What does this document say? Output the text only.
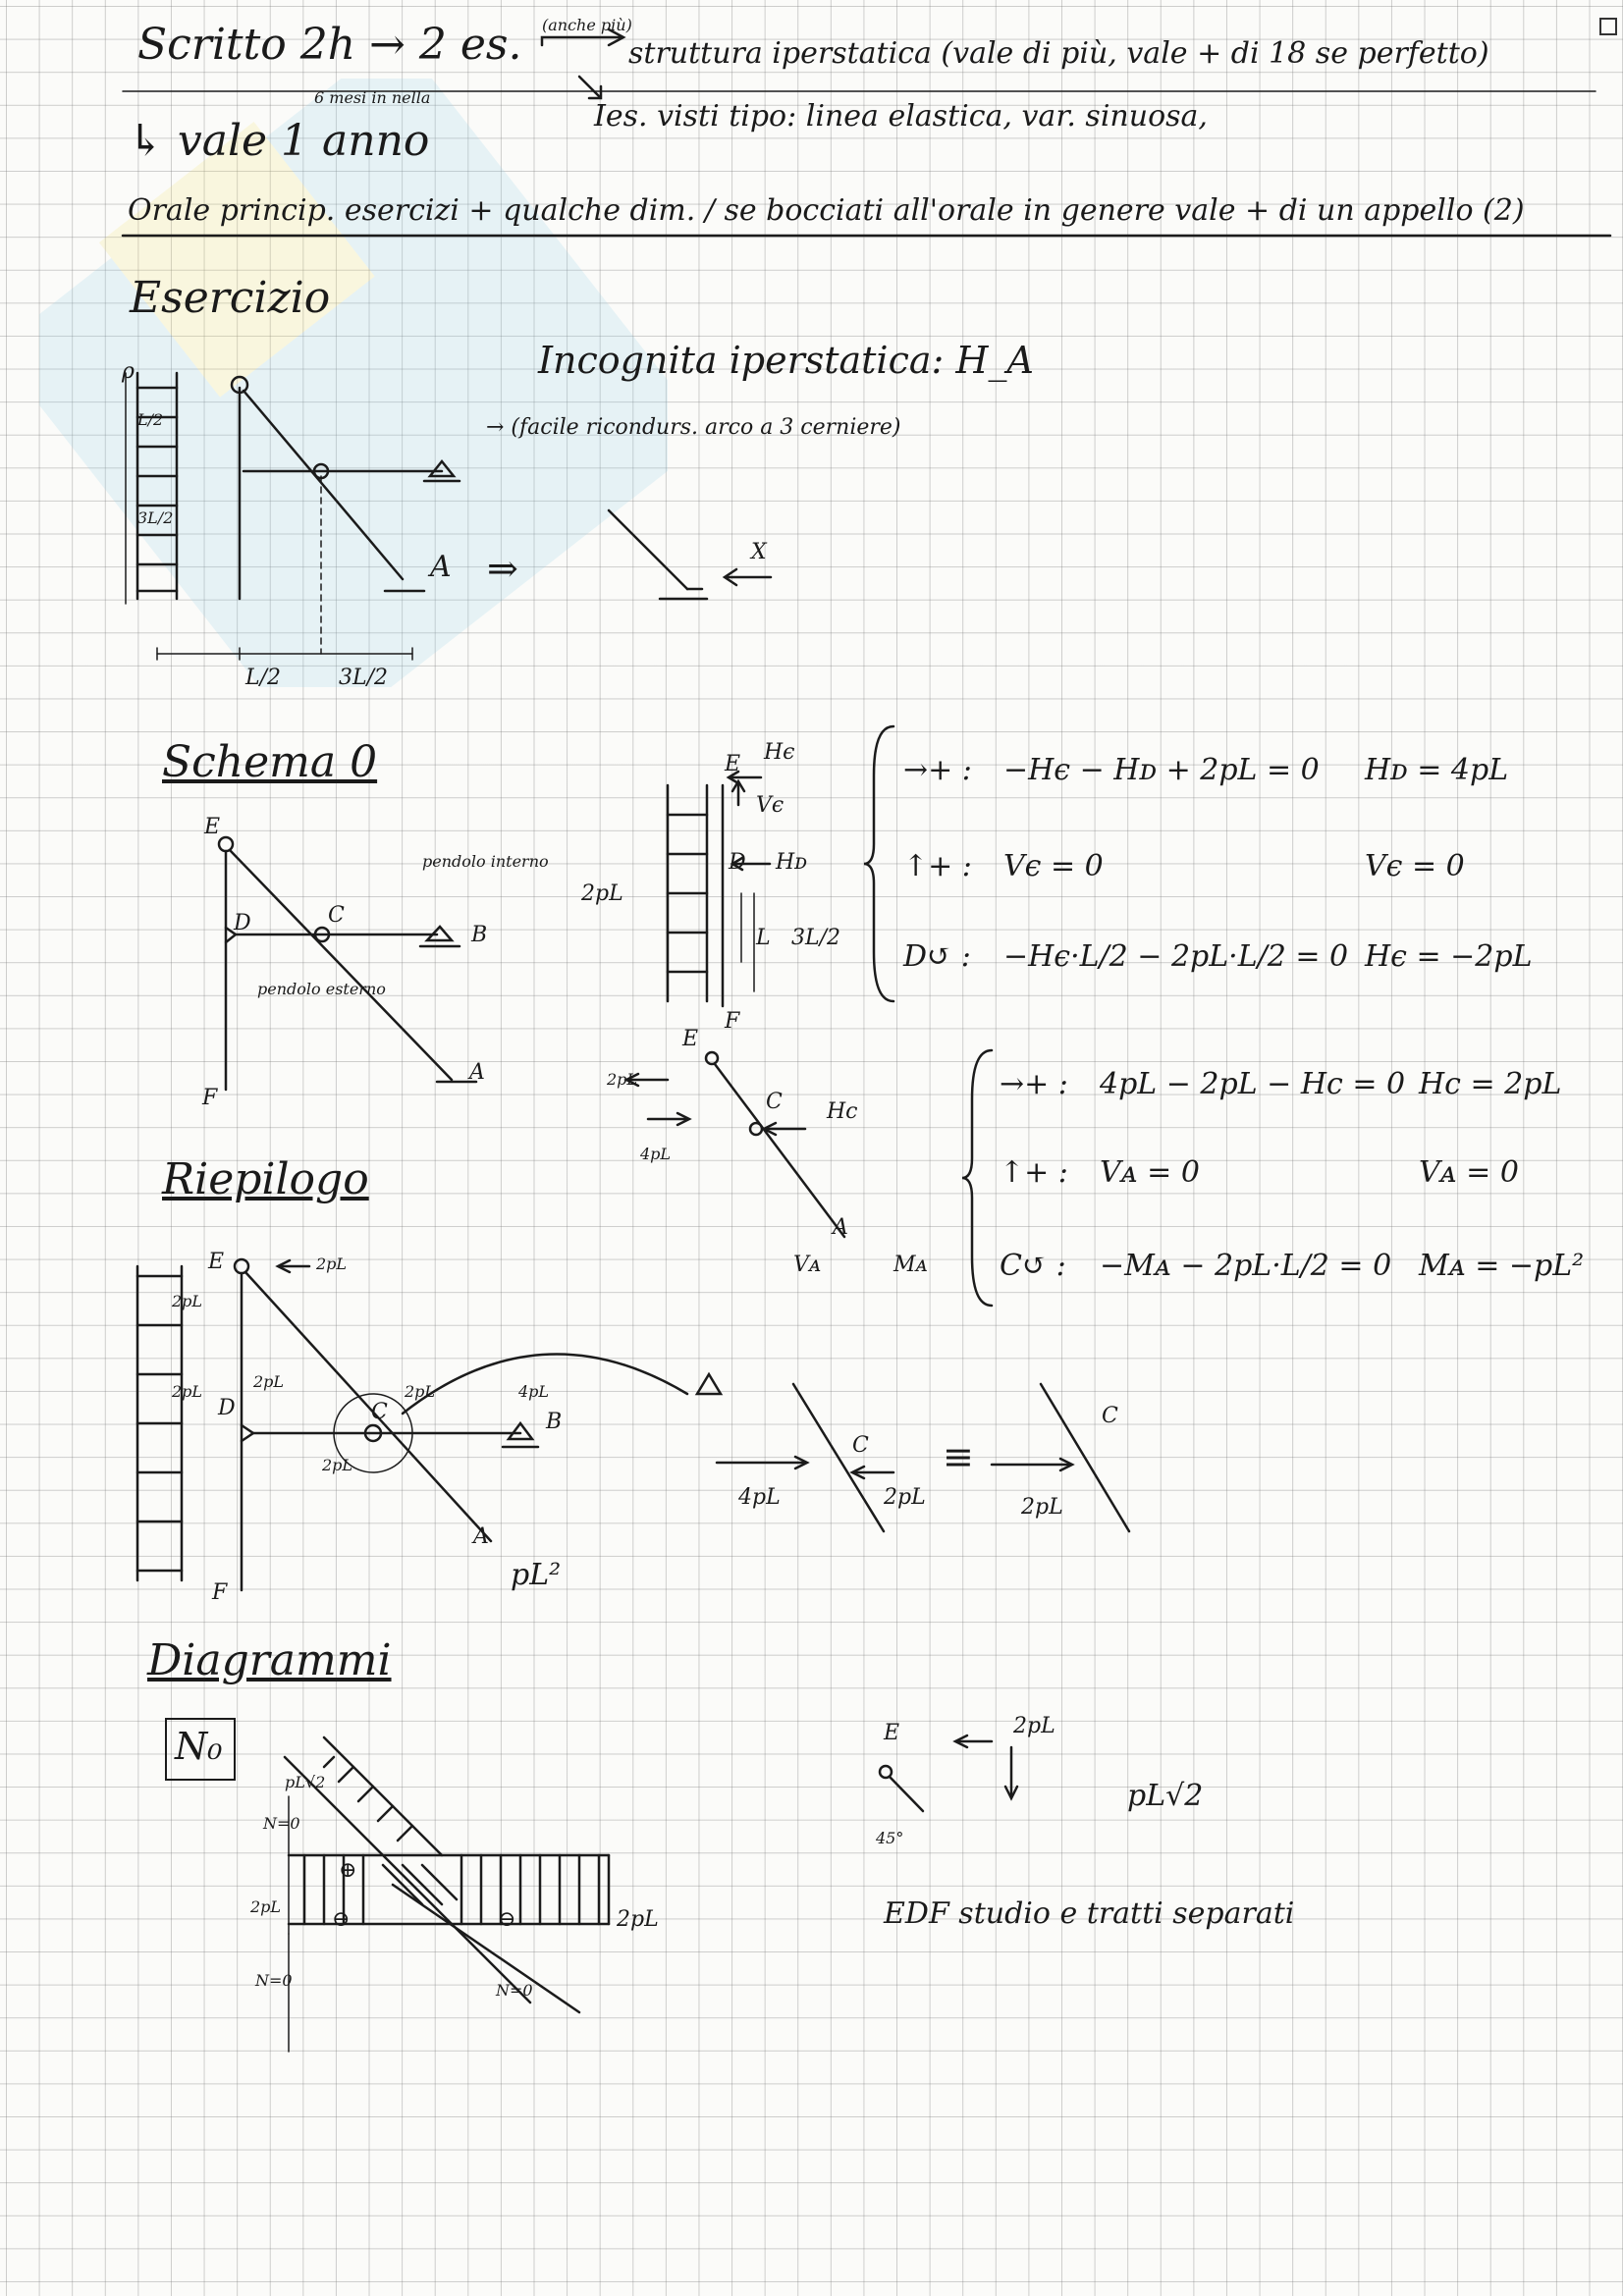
Scritto 2h → 2 es. (anche più)
struttura iperstatica (vale di più, vale + di 18 se perfetto)
↳ vale 1 anno
6 mesi in nella
Ies. visti tipo: linea elastica, var. sinuosa,
Orale princip. esercizi + qualche dim. / se bocciati all'orale in genere vale + di un appello (2)
Esercizio
Incognita iperstatica: H_A
→ (facile ricondurs. arco a 3 cerniere)
ρ
L/2
3L/2
L/2	3L/2
A ⇒	X
Schema 0
E
D	C
B
F
A
pendolo interno
pendolo esterno
2pL
E Hє
Vє
D Hᴅ
L 3L/2
F
→+ : −Hє − Hᴅ + 2pL = 0 Hᴅ = 4pL
↑+ : Vє = 0	Vє = 0
D↺ : −Hє·L/2 − 2pL·L/2 = 0 Hє = −2pL
E
2pL
4pL
C Hc
A
Vᴀ	Mᴀ
→+ : 4pL − 2pL − Hc = 0 Hc = 2pL
↑+ : Vᴀ = 0	Vᴀ = 0
C↺ : −Mᴀ − 2pL·L/2 = 0 Mᴀ = −pL²
Riepilogo
E
D	C	B
F
A
2pL
2pL
2pL
2pL
2pL	4pL
2pL
pL²
C
C
4pL	2pL
≡
2pL
Diagrammi
N₀
pL√2
N=0
2pL
⊕
⊖	⊖	2pL
N=0
N=0
E
45°
2pL
pL√2
EDF studio e tratti separati
